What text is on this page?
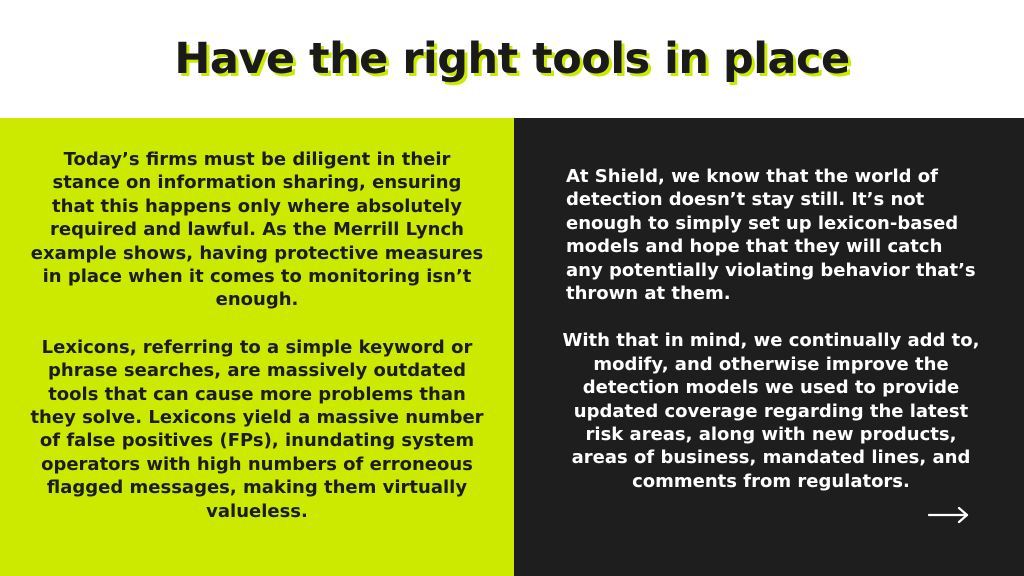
Have the right tools in place

Today’s firms must be diligent in their stance on information sharing, ensuring that this happens only where absolutely required and lawful. As the Merrill Lynch example shows, having protective measures in place when it comes to monitoring isn’t enough.

Lexicons, referring to a simple keyword or phrase searches, are massively outdated tools that can cause more problems than they solve. Lexicons yield a massive number of false positives (FPs), inundating system operators with high numbers of erroneous flagged messages, making them virtually valueless.

At Shield, we know that the world of detection doesn’t stay still. It’s not enough to simply set up lexicon-based models and hope that they will catch any potentially violating behavior that’s thrown at them.

With that in mind, we continually add to, modify, and otherwise improve the detection models we used to provide updated coverage regarding the latest risk areas, along with new products, areas of business, mandated lines, and comments from regulators.
